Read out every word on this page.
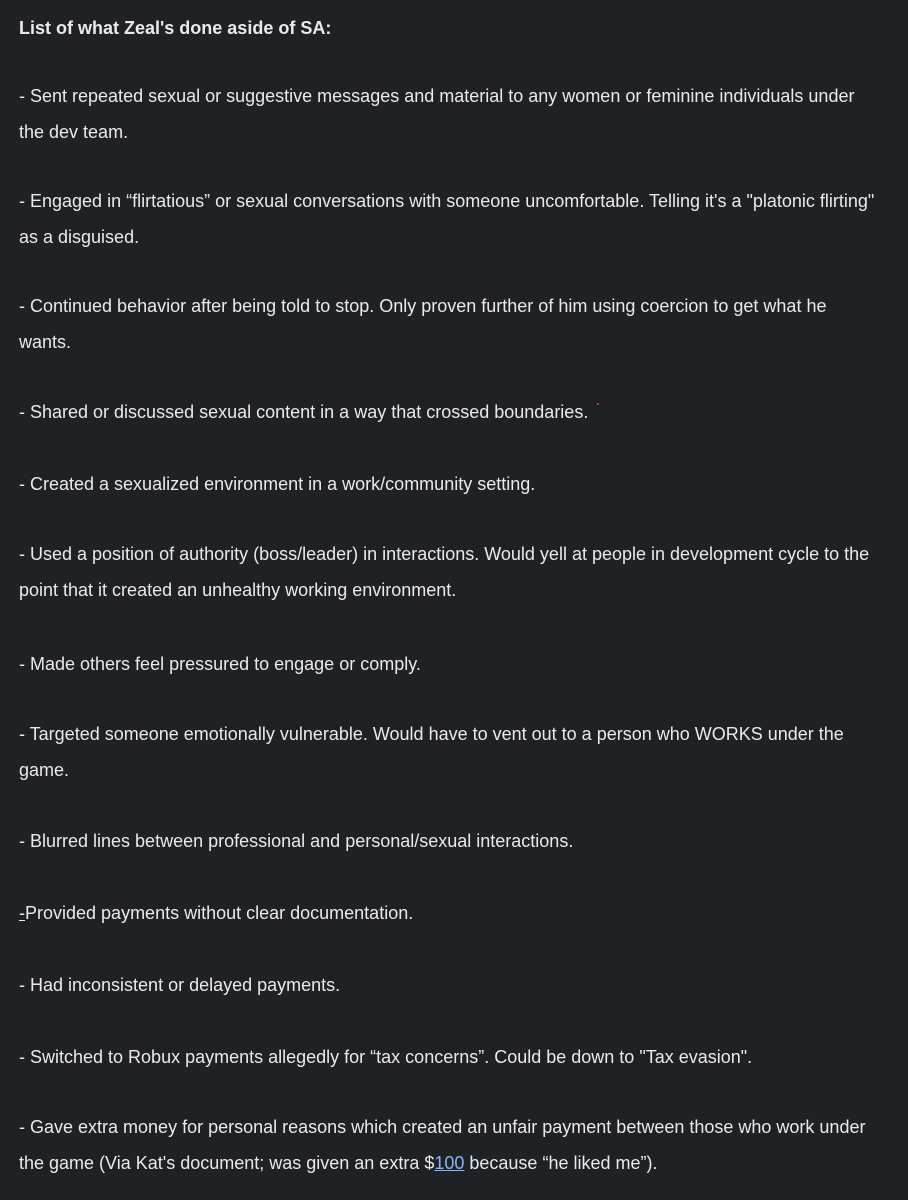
List of what Zeal's done aside of SA:
- Sent repeated sexual or suggestive messages and material to any women or feminine individuals under the dev team.
- Engaged in “flirtatious” or sexual conversations with someone uncomfortable. Telling it's a "platonic flirting" as a disguised.
- Continued behavior after being told to stop. Only proven further of him using coercion to get what he wants.
- Shared or discussed sexual content in a way that crossed boundaries.
- Created a sexualized environment in a work/community setting.
- Used a position of authority (boss/leader) in interactions. Would yell at people in development cycle to the point that it created an unhealthy working environment.
- Made others feel pressured to engage or comply.
- Targeted someone emotionally vulnerable. Would have to vent out to a person who WORKS under the game.
- Blurred lines between professional and personal/sexual interactions.
-Provided payments without clear documentation.
- Had inconsistent or delayed payments.
- Switched to Robux payments allegedly for “tax concerns”. Could be down to "Tax evasion".
- Gave extra money for personal reasons which created an unfair payment between those who work under the game (Via Kat's document; was given an extra $100 because “he liked me”).
